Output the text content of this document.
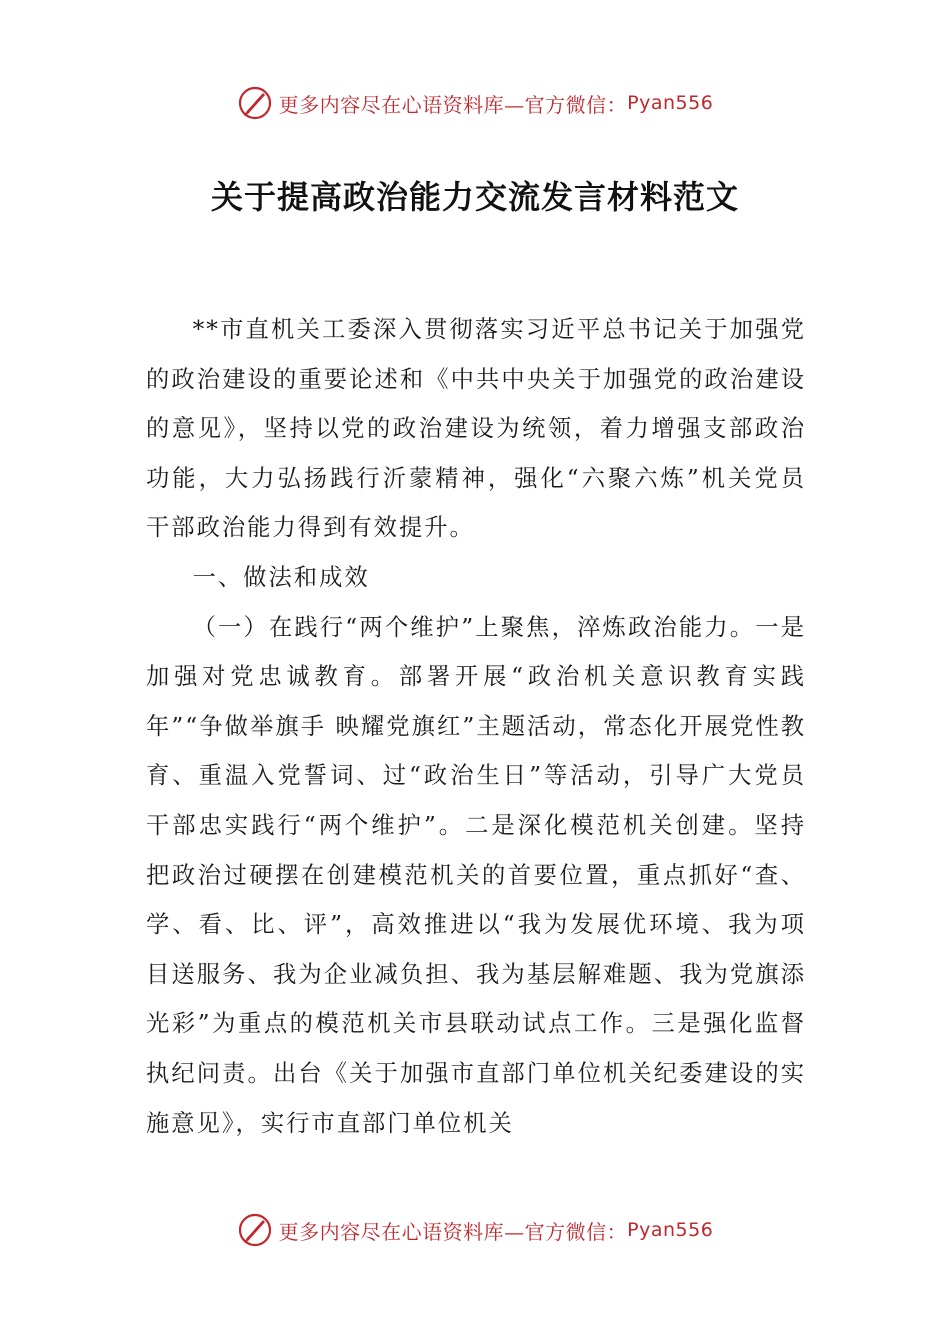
更多内容尽在心语资料库—官方微信： Pyan556
关于提高政治能力交流发言材料范文

**市直机关工委深入贯彻落实习近平总书记关于加强党的政治建设的重要论述和《中共中央关于加强党的政治建设的意见》，坚持以党的政治建设为统领，着力增强支部政治功能，大力弘扬践行沂蒙精神，强化“六聚六炼”机关党员干部政治能力得到有效提升。

一、做法和成效

（一）在践行“两个维护”上聚焦，淬炼政治能力。一是加强对党忠诚教育。部署开展“政治机关意识教育实践年”“争做举旗手 映耀党旗红”主题活动，常态化开展党性教育、重温入党誓词、过“政治生日”等活动，引导广大党员干部忠实践行“两个维护”。二是深化模范机关创建。坚持把政治过硬摆在创建模范机关的首要位置，重点抓好“查、学、看、比、评”，高效推进以“我为发展优环境、我为项目送服务、我为企业减负担、我为基层解难题、我为党旗添光彩”为重点的模范机关市县联动试点工作。三是强化监督执纪问责。出台《关于加强市直部门单位机关纪委建设的实施意见》，实行市直部门单位机关

更多内容尽在心语资料库—官方微信： Pyan556
